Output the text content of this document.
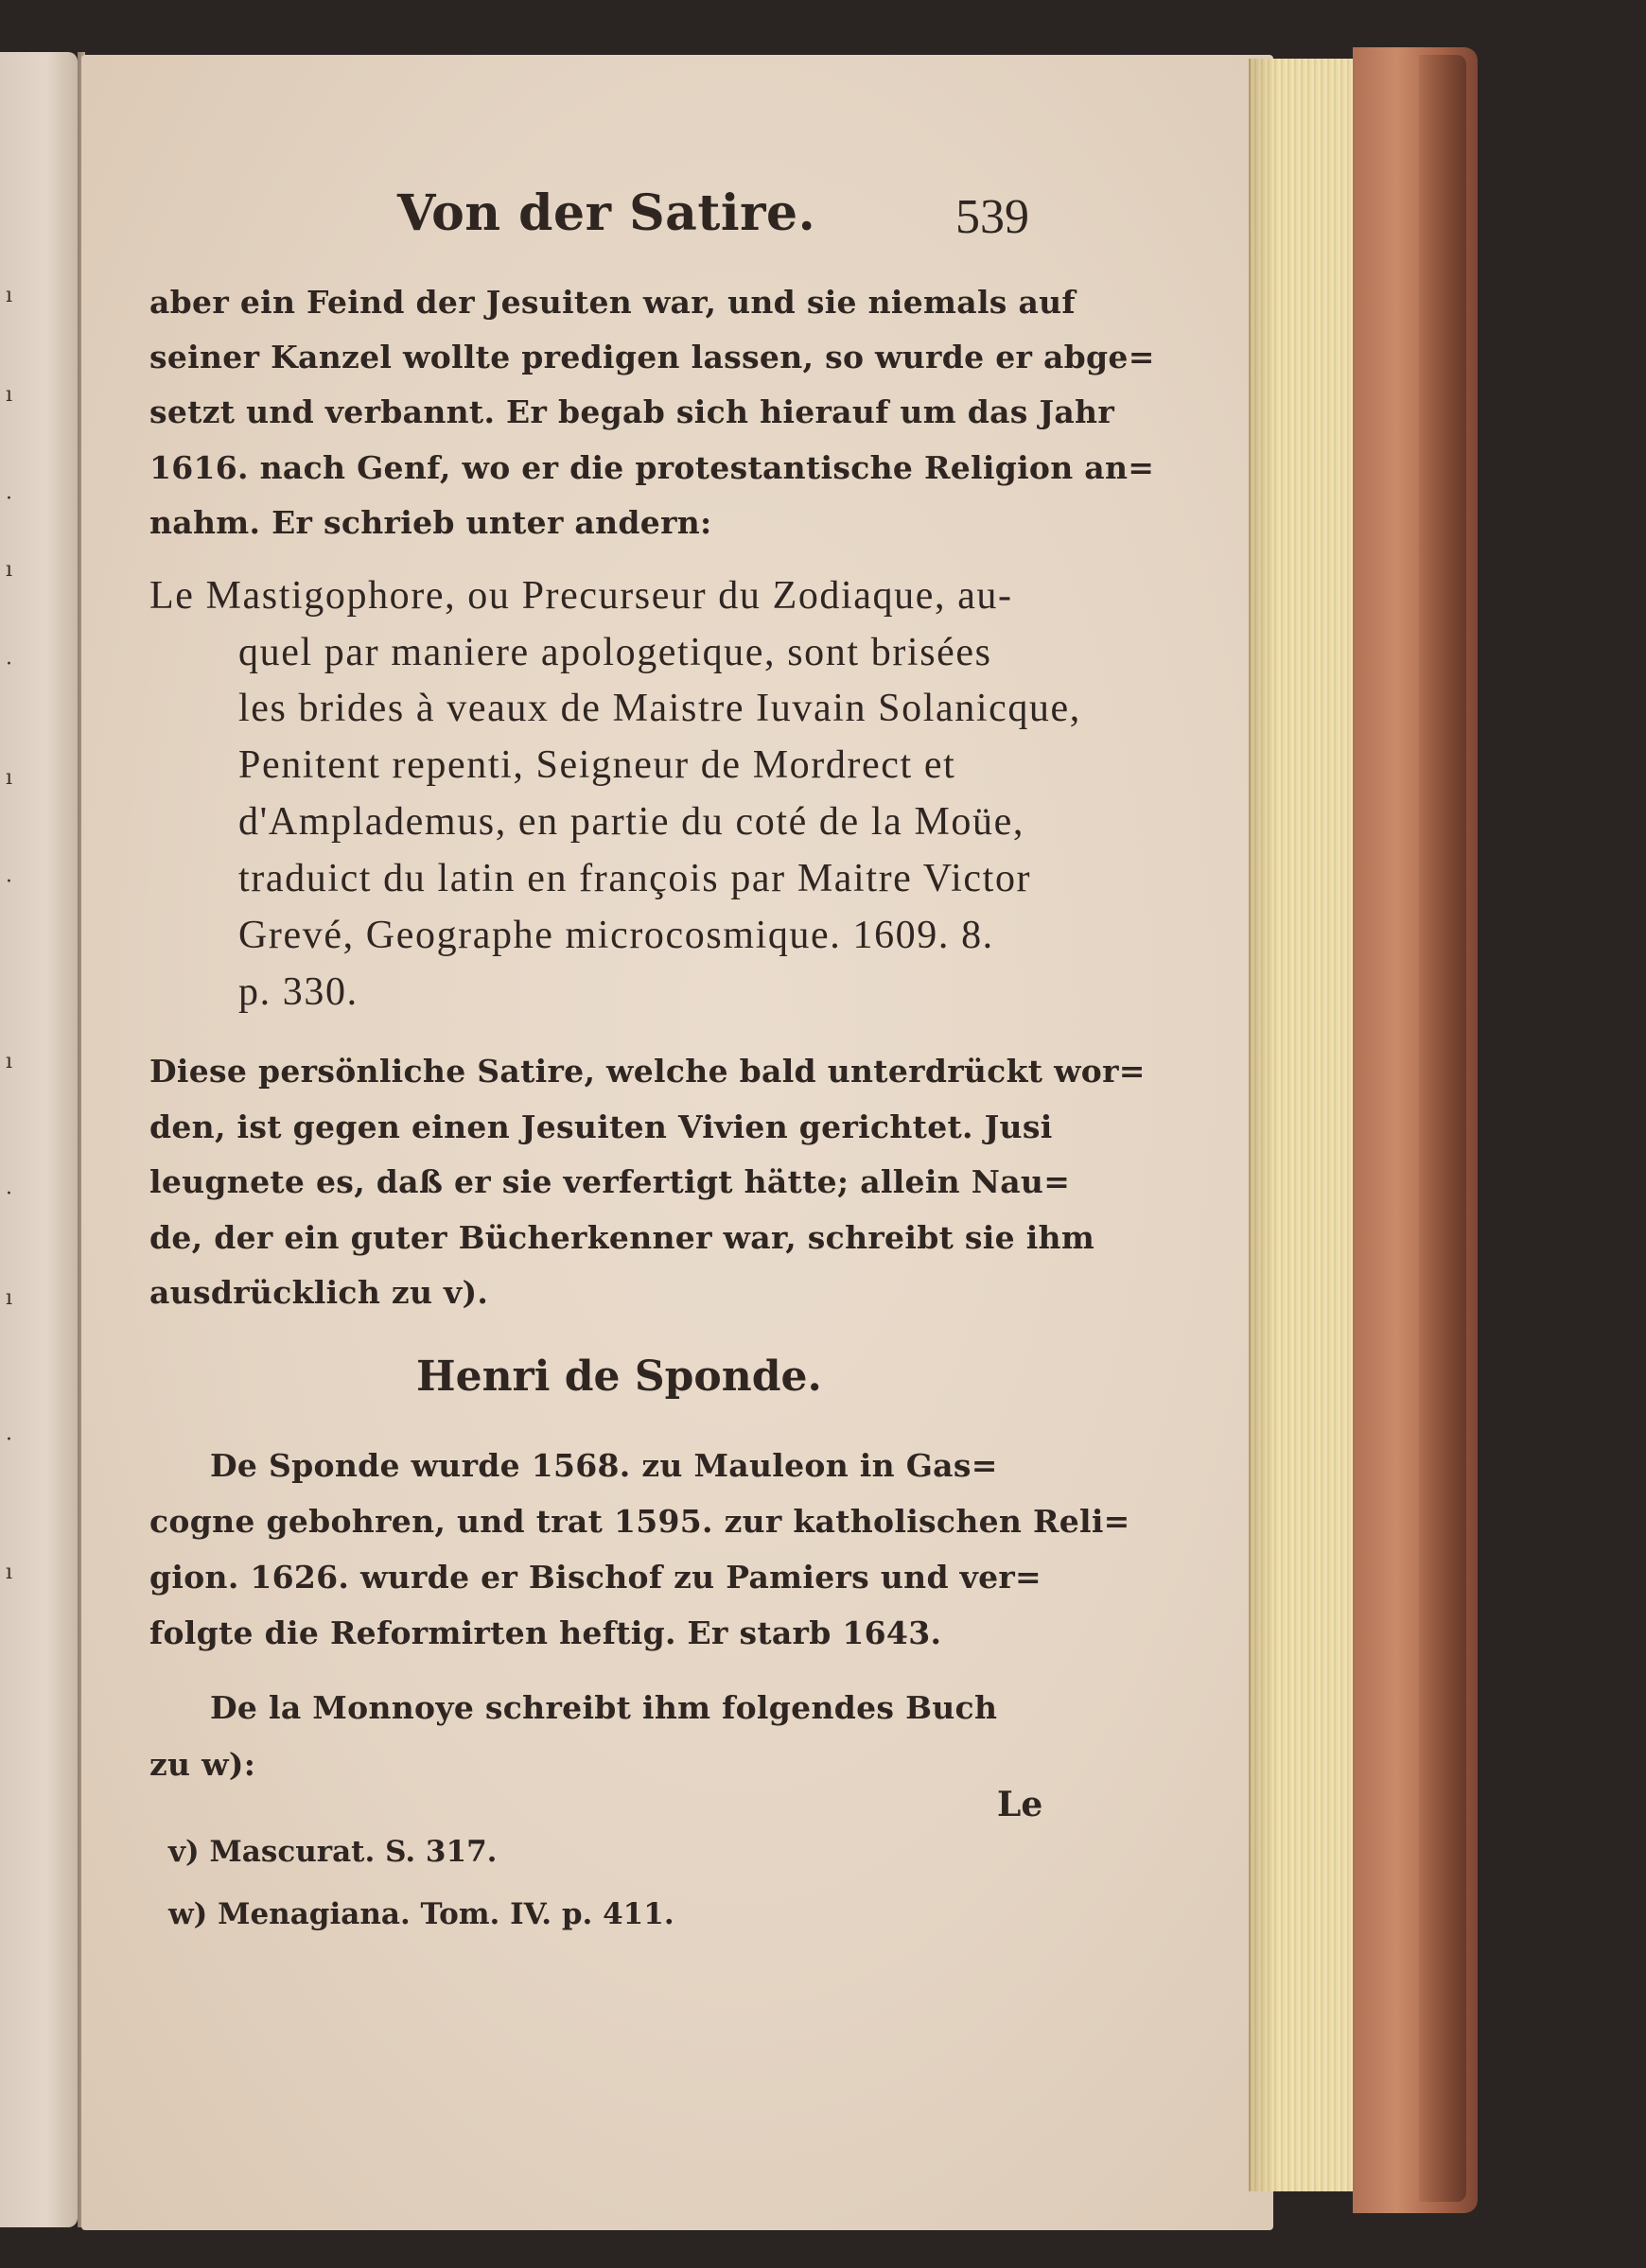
ı
ı
·
ı
·
ı
·
ı
·
ı
·
ı
Von der Satire.	539
aber ein Feind der Jesuiten war, und sie niemals auf
seiner Kanzel wollte predigen lassen, so wurde er abge=
setzt und verbannt. Er begab sich hierauf um das Jahr
1616. nach Genf, wo er die protestantische Religion an=
nahm. Er schrieb unter andern:
Le Mastigophore, ou Precurseur du Zodiaque, au-
quel par maniere apologetique, sont brisées
les brides à veaux de Maistre Iuvain Solanicque,
Penitent repenti, Seigneur de Mordrect et
d'Amplademus, en partie du coté de la Moüe,
traduict du latin en françois par Maitre Victor
Grevé, Geographe microcosmique. 1609. 8.
p. 330.
Diese persönliche Satire, welche bald unterdrückt wor=
den, ist gegen einen Jesuiten Vivien gerichtet. Jusi
leugnete es, daß er sie verfertigt hätte; allein Nau=
de, der ein guter Bücherkenner war, schreibt sie ihm
ausdrücklich zu v).
Henri de Sponde.
De Sponde wurde 1568. zu Mauleon in Gas=
cogne gebohren, und trat 1595. zur katholischen Reli=
gion. 1626. wurde er Bischof zu Pamiers und ver=
folgte die Reformirten heftig. Er starb 1643.
De la Monnoye schreibt ihm folgendes Buch
zu w):
Le
v) Mascurat. S. 317.
w) Menagiana. Tom. IV. p. 411.
